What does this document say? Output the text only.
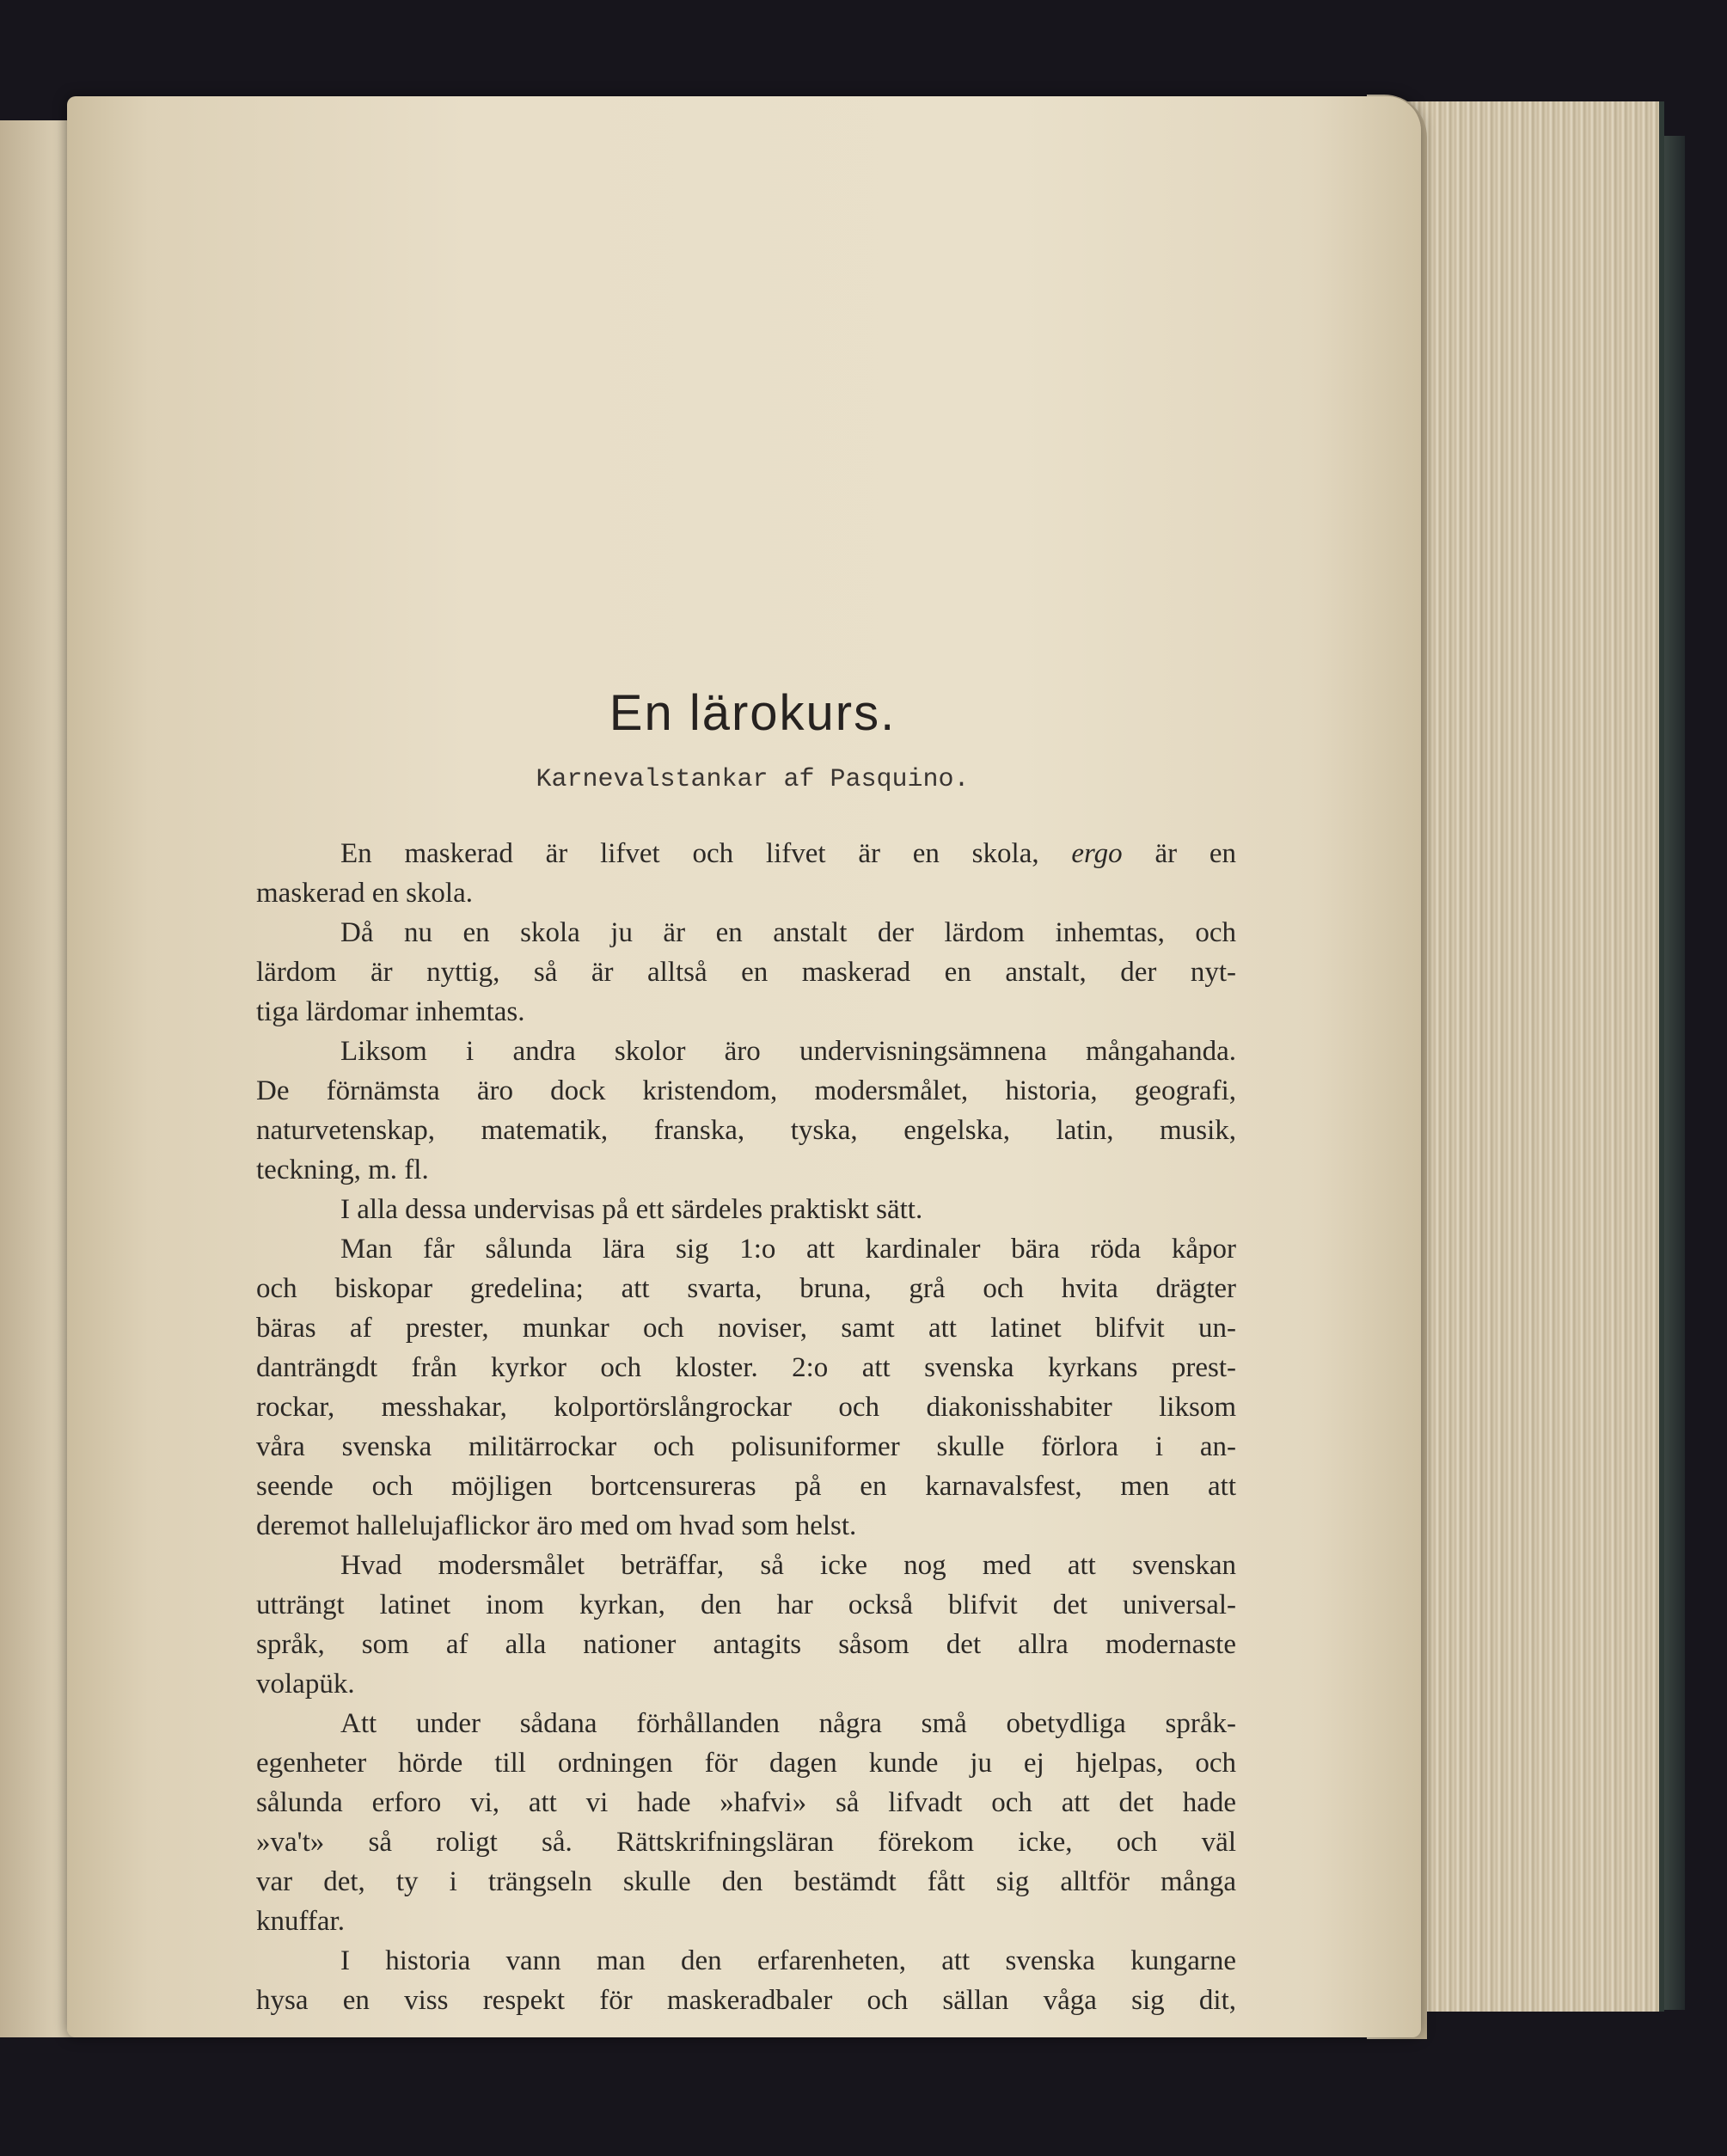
En lärokurs.
Karnevalstankar af Pasquino.
En maskerad är lifvet och lifvet är en skola, ergo är en
maskerad en skola.
Då nu en skola ju är en anstalt der lärdom inhemtas, och
lärdom är nyttig, så är alltså en maskerad en anstalt, der nyt-
tiga lärdomar inhemtas.
Liksom i andra skolor äro undervisningsämnena mångahanda.
De förnämsta äro dock kristendom, modersmålet, historia, geografi,
naturvetenskap, matematik, franska, tyska, engelska, latin, musik,
teckning, m. fl.
I alla dessa undervisas på ett särdeles praktiskt sätt.
Man får sålunda lära sig 1:o att kardinaler bära röda kåpor
och biskopar gredelina; att svarta, bruna, grå och hvita drägter
bäras af prester, munkar och noviser, samt att latinet blifvit un-
danträngdt från kyrkor och kloster. 2:o att svenska kyrkans prest-
rockar, messhakar, kolportörslångrockar och diakonisshabiter liksom
våra svenska militärrockar och polisuniformer skulle förlora i an-
seende och möjligen bortcensureras på en karnavalsfest, men att
deremot hallelujaflickor äro med om hvad som helst.
Hvad modersmålet beträffar, så icke nog med att svenskan
utträngt latinet inom kyrkan, den har också blifvit det universal-
språk, som af alla nationer antagits såsom det allra modernaste
volapük.
Att under sådana förhållanden några små obetydliga språk-
egenheter hörde till ordningen för dagen kunde ju ej hjelpas, och
sålunda erforo vi, att vi hade »hafvi» så lifvadt och att det hade
»va't» så roligt så. Rättskrifningsläran förekom icke, och väl
var det, ty i trängseln skulle den bestämdt fått sig alltför många
knuffar.
I historia vann man den erfarenheten, att svenska kungarne
hysa en viss respekt för maskeradbaler och sällan våga sig dit,
